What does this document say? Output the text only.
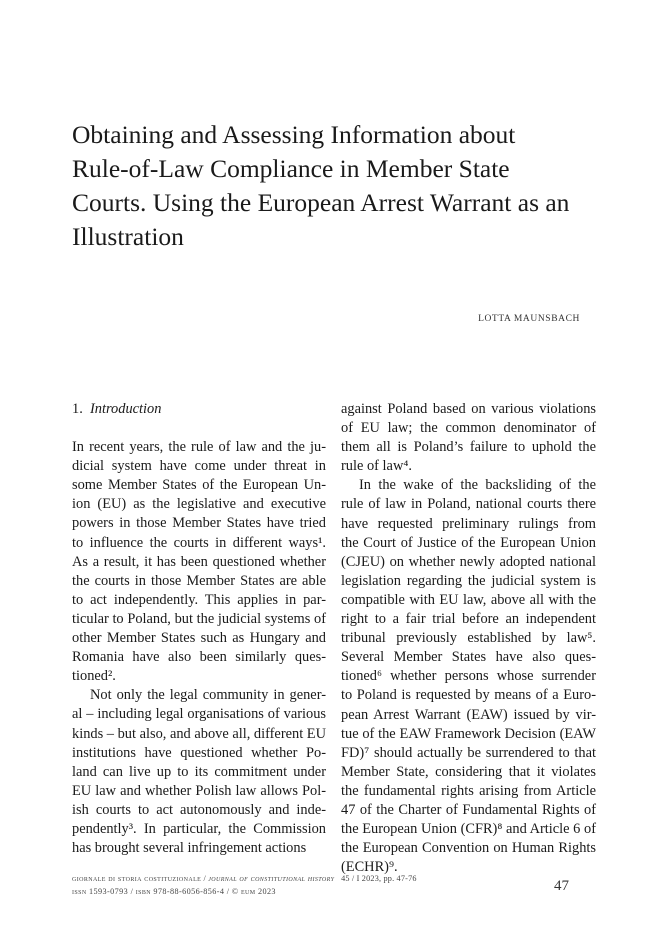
Obtaining and Assessing Information about
Rule-of-Law Compliance in Member State
Courts. Using the European Arrest Warrant as an
Illustration
LOTTA MAUNSBACH
1. Introduction
In recent years, the rule of law and the ju-
dicial system have come under threat in
some Member States of the European Un-
ion (EU) as the legislative and executive
powers in those Member States have tried
to influence the courts in different ways¹.
As a result, it has been questioned whether
the courts in those Member States are able
to act independently. This applies in par-
ticular to Poland, but the judicial systems of
other Member States such as Hungary and
Romania have also been similarly ques-
tioned².
Not only the legal community in gener-
al – including legal organisations of various
kinds – but also, and above all, different EU
institutions have questioned whether Po-
land can live up to its commitment under
EU law and whether Polish law allows Pol-
ish courts to act autonomously and inde-
pendently³. In particular, the Commission
has brought several infringement actions
against Poland based on various violations
of EU law; the common denominator of
them all is Poland’s failure to uphold the
rule of law⁴.
In the wake of the backsliding of the
rule of law in Poland, national courts there
have requested preliminary rulings from
the Court of Justice of the European Union
(CJEU) on whether newly adopted national
legislation regarding the judicial system is
compatible with EU law, above all with the
right to a fair trial before an independent
tribunal previously established by law⁵.
Several Member States have also ques-
tioned⁶ whether persons whose surrender
to Poland is requested by means of a Euro-
pean Arrest Warrant (EAW) issued by vir-
tue of the EAW Framework Decision (EAW
FD)⁷ should actually be surrendered to that
Member State, considering that it violates
the fundamental rights arising from Article
47 of the Charter of Fundamental Rights of
the European Union (CFR)⁸ and Article 6 of
the European Convention on Human Rights
(ECHR)⁹.
giornale di storia costituzionale / journal of constitutional history 45 / I 2023, pp. 47-76
issn 1593-0793 / isbn 978-88-6056-856-4 / © eum 2023	47
